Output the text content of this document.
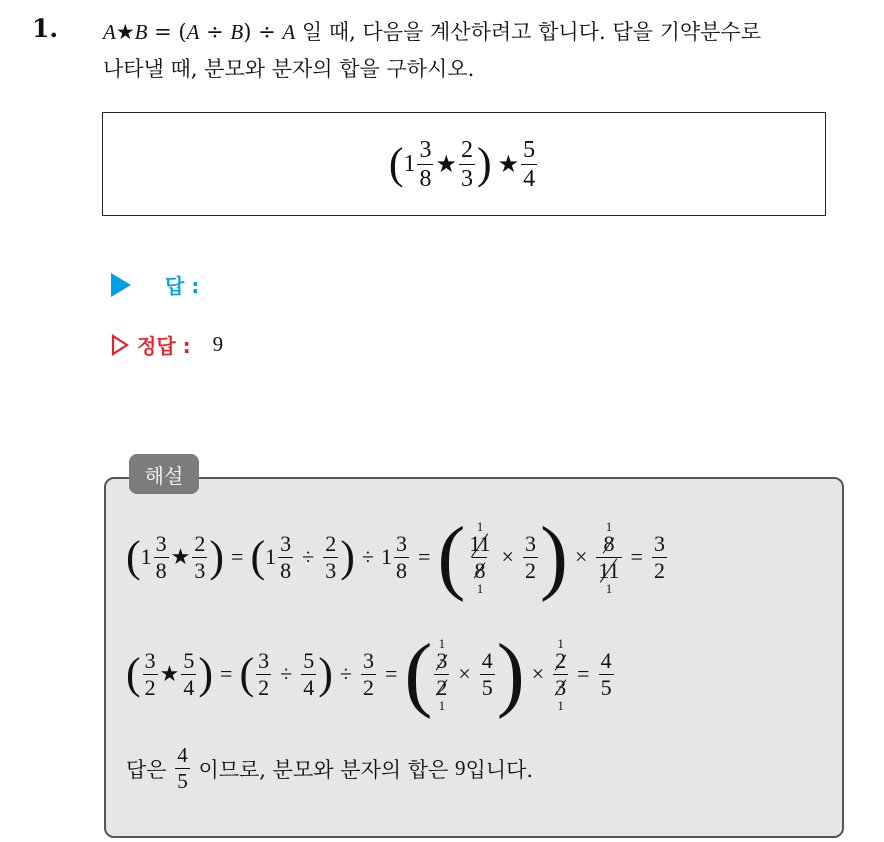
1. A★B = (A ÷ B) ÷ A 일 때, 다음을 계산하려고 합니다. 답을 기약분수로
나타낼 때, 분모와 분자의 합을 구하시오.
( $1 \frac{3}{8}$ ★ $\frac{2}{3}$ ) ★ $\frac{5}{4}$
답 :
정답 : 9
해설
( $1 \frac{3}{8}$ ★ $\frac{2}{3}$ ) = ( $1 \frac{3}{8} \div \frac{2}{3}$ ) ÷ $1 \frac{3}{8}$ = ( 1
$\frac{11}{8}$
1
× $\frac{3}{2}$ ) ×
1
$\frac{8}{11}$
1
= $\frac{3}{2}$
( $\frac{3}{2}$ ★ $\frac{5}{4}$ ) = ( $\frac{3}{2} \div \frac{5}{4}$ ) ÷ $\frac{3}{2}$ = ( 1
$\frac{3}{2}$
1
× $\frac{4}{5}$ ) ×
1
$\frac{2}{3}$
1
= $\frac{4}{5}$
답은
$\frac{4}{5}$
이므로, 분모와 분자의 합은
9 입니다.
